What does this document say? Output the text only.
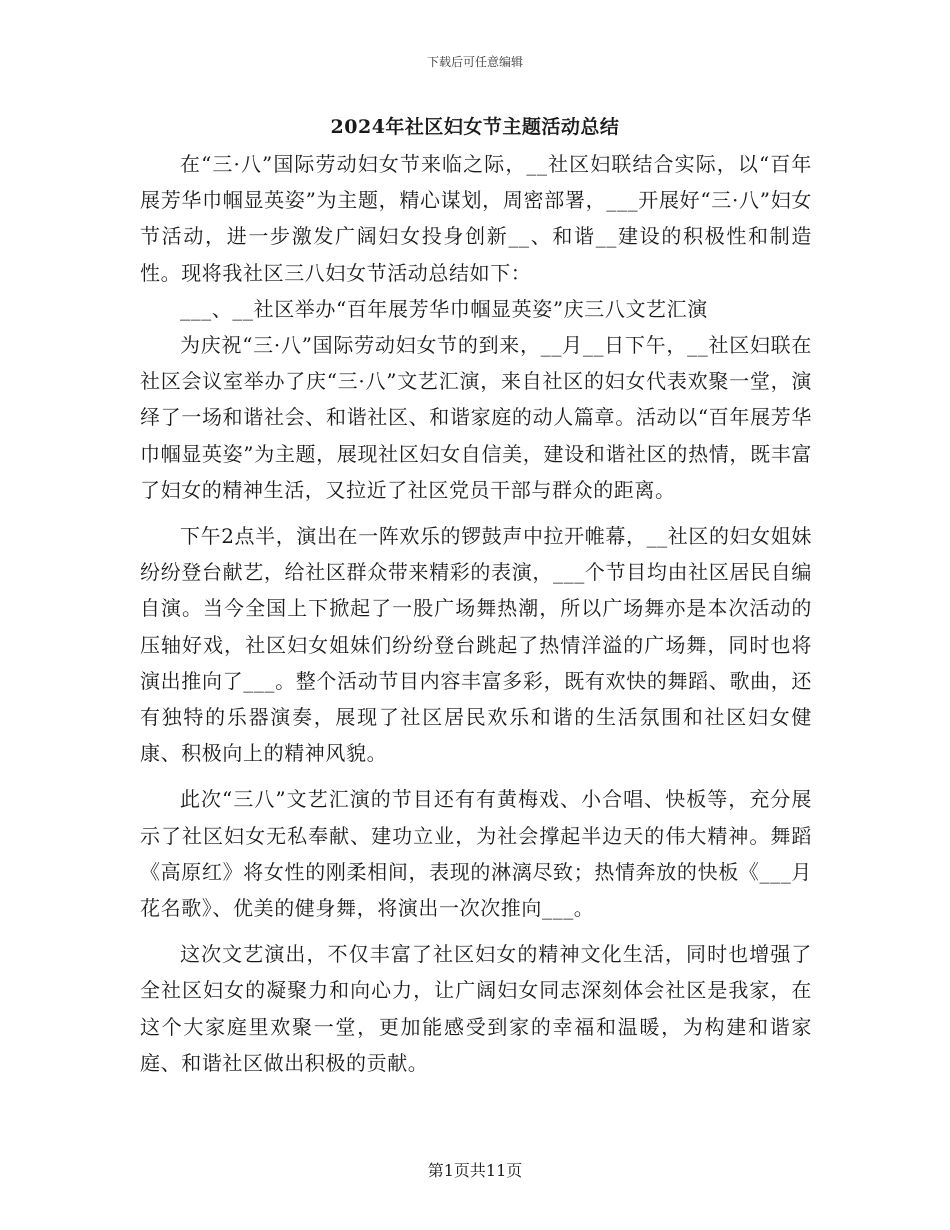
下载后可任意编辑
2024年社区妇女节主题活动总结

在“三·八”国际劳动妇女节来临之际，__社区妇联结合实际，以“百年展芳华巾帼显英姿”为主题，精心谋划，周密部署，___开展好“三·八”妇女节活动，进一步激发广阔妇女投身创新__、和谐__建设的积极性和制造性。现将我社区三八妇女节活动总结如下：

___、__社区举办“百年展芳华巾帼显英姿”庆三八文艺汇演

为庆祝“三·八”国际劳动妇女节的到来，__月__日下午，__社区妇联在社区会议室举办了庆“三·八”文艺汇演，来自社区的妇女代表欢聚一堂，演绎了一场和谐社会、和谐社区、和谐家庭的动人篇章。活动以“百年展芳华巾帼显英姿”为主题，展现社区妇女自信美，建设和谐社区的热情，既丰富了妇女的精神生活，又拉近了社区党员干部与群众的距离。

下午2点半，演出在一阵欢乐的锣鼓声中拉开帷幕，__社区的妇女姐妹纷纷登台献艺，给社区群众带来精彩的表演，___个节目均由社区居民自编自演。当今全国上下掀起了一股广场舞热潮，所以广场舞亦是本次活动的压轴好戏，社区妇女姐妹们纷纷登台跳起了热情洋溢的广场舞，同时也将演出推向了___。整个活动节目内容丰富多彩，既有欢快的舞蹈、歌曲，还有独特的乐器演奏，展现了社区居民欢乐和谐的生活氛围和社区妇女健康、积极向上的精神风貌。

此次“三八”文艺汇演的节目还有有黄梅戏、小合唱、快板等，充分展示了社区妇女无私奉献、建功立业，为社会撑起半边天的伟大精神。舞蹈《高原红》将女性的刚柔相间，表现的淋漓尽致；热情奔放的快板《___月花名歌》、优美的健身舞，将演出一次次推向___。

这次文艺演出，不仅丰富了社区妇女的精神文化生活，同时也增强了全社区妇女的凝聚力和向心力，让广阔妇女同志深刻体会社区是我家，在这个大家庭里欢聚一堂，更加能感受到家的幸福和温暖，为构建和谐家庭、和谐社区做出积极的贡献。

第1页共11页
